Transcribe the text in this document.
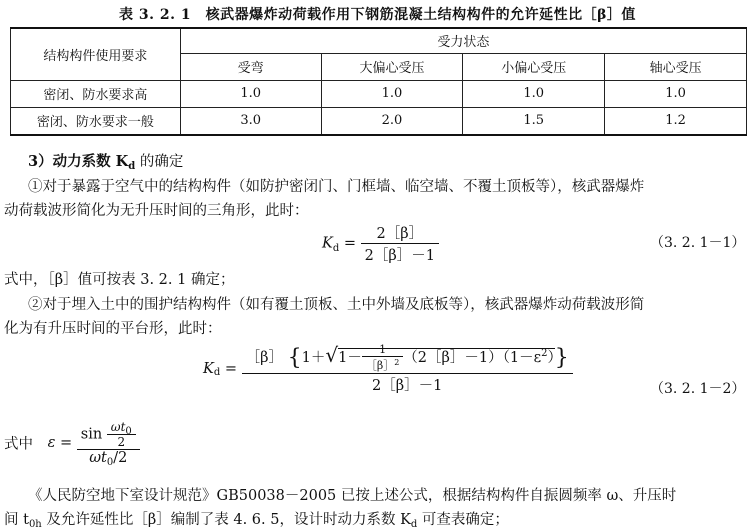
表 3. 2. 1　核武器爆炸动荷载作用下钢筋混凝土结构构件的允许延性比［β］值
结构构件使用要求	受力状态			
	受弯	大偏心受压	小偏心受压	轴心受压
密闭、防水要求高	1.0	1.0	1.0	1.0
密闭、防水要求一般	3.0	2.0	1.5	1.2
3）动力系数 $K_d$ 的确定
①对于暴露于空气中的结构构件（如防护密闭门、门框墙、临空墙、不覆土顶板等），核武器爆炸
动荷载波形简化为无升压时间的三角形，此时：
$K_d = \frac{2[\beta]}{2[\beta]-1}$	（3. 2. 1－1）
式中，［β］值可按表 3. 2. 1 确定；
②对于埋入土中的围护结构构件（如有覆土顶板、土中外墙及底板等），核武器爆炸动荷载波形简
化为有升压时间的平台形，此时：
$K_d = \frac{[\beta] \{1+√1- \frac{1}{[\beta]^2} (2[\beta]-1)(1-\varepsilon^2)\}}{2[\beta]-1}$	（3. 2. 1－2）
式中 $\varepsilon = \frac{\sin \frac{\omega t_0}{2}}{\omega t_0/2}$
《人民防空地下室设计规范》GB50038－2005 已按上述公式，根据结构构件自振圆频率 ω、升压时
间 $t_{0h}$ 及允许延性比［β］编制了表 4. 6. 5，设计时动力系数 $K_d$ 可查表确定；
